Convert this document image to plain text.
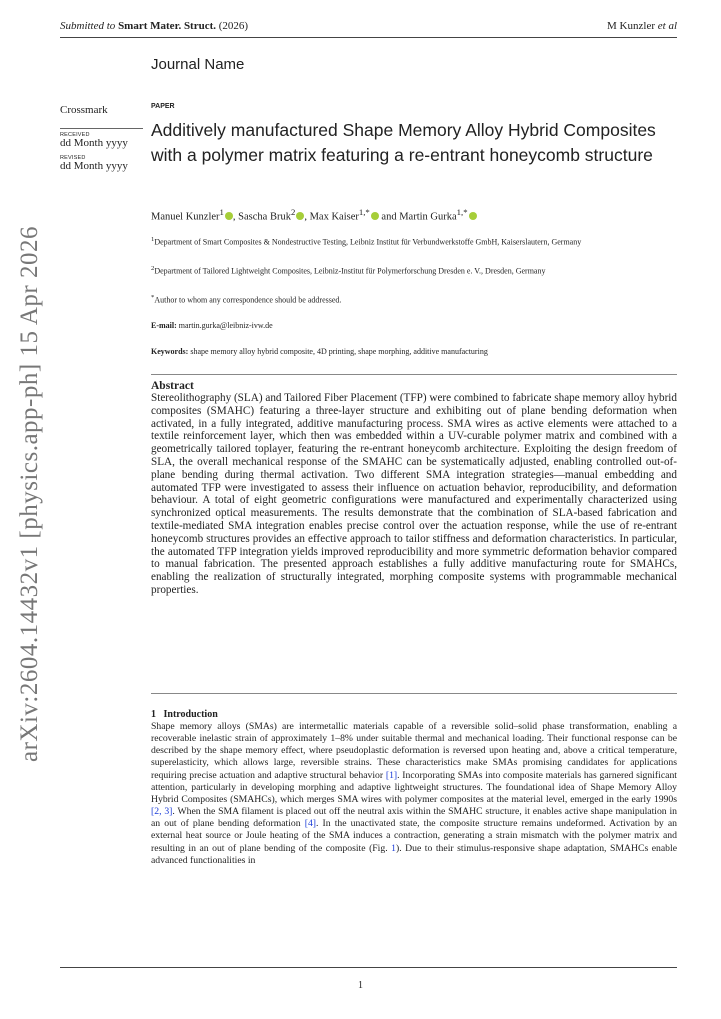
Submitted to Smart Mater. Struct. (2026)	M Kunzler et al
arXiv:2604.14432v1 [physics.app-ph] 15 Apr 2026
Journal Name
Crossmark
RECEIVED
dd Month yyyy
REVISED
dd Month yyyy
PAPER
Additively manufactured Shape Memory Alloy Hybrid Composites with a polymer matrix featuring a re-entrant honeycomb structure
Manuel Kunzler$^1$ , Sascha Bruk$^2$ , Max Kaiser$^{1,*}$ and Martin Gurka$^{1,*}$
$^1$Department of Smart Composites & Nondestructive Testing, Leibniz Institut für Verbundwerkstoffe GmbH, Kaiserslautern, Germany
$^2$Department of Tailored Lightweight Composites, Leibniz-Institut für Polymerforschung Dresden e. V., Dresden, Germany
*Author to whom any correspondence should be addressed.
E-mail: martin.gurka@leibniz-ivw.de
Keywords: shape memory alloy hybrid composite, 4D printing, shape morphing, additive manufacturing
Abstract
Stereolithography (SLA) and Tailored Fiber Placement (TFP) were combined to fabricate shape memory alloy hybrid composites (SMAHC) featuring a three-layer structure and exhibiting out of plane bending deformation when activated, in a fully integrated, additive manufacturing process. SMA wires as active elements were attached to a textile reinforcement layer, which then was embedded within a UV-curable polymer matrix and combined with a geometrically tailored toplayer, featuring the re-entrant honeycomb architecture. Exploiting the design freedom of SLA, the overall mechanical response of the SMAHC can be systematically adjusted, enabling controlled out-of-plane bending during thermal activation. Two different SMA integration strategies—manual embedding and automated TFP were investigated to assess their influence on actuation behavior, reproducibility, and deformation behaviour. A total of eight geometric configurations were manufactured and experimentally characterized using synchronized optical measurements. The results demonstrate that the combination of SLA-based fabrication and textile-mediated SMA integration enables precise control over the actuation response, while the use of re-entrant honeycomb structures provides an effective approach to tailor stiffness and deformation characteristics. In particular, the automated TFP integration yields improved reproducibility and more symmetric deformation behavior compared to manual fabrication. The presented approach establishes a fully additive manufacturing route for SMAHCs, enabling the realization of structurally integrated, morphing composite systems with programmable mechanical properties.
1 Introduction
Shape memory alloys (SMAs) are intermetallic materials capable of a reversible solid–solid phase transformation, enabling a recoverable inelastic strain of approximately 1–8% under suitable thermal and mechanical loading. Their functional response can be described by the shape memory effect, where pseudoplastic deformation is reversed upon heating and, above a critical temperature, superelasticity, which allows large, reversible strains. These characteristics make SMAs promising candidates for applications requiring precise actuation and adaptive structural behavior [1]. Incorporating SMAs into composite materials has garnered significant attention, particularly in developing morphing and adaptive lightweight structures. The foundational idea of Shape Memory Alloy Hybrid Composites (SMAHCs), which merges SMA wires with polymer composites at the material level, emerged in the early 1990s [2, 3]. When the SMA filament is placed out off the neutral axis within the SMAHC structure, it enables active shape manipulation in an out of plane bending deformation [4]. In the unactivated state, the composite structure remains undeformed. Activation by an external heat source or Joule heating of the SMA induces a contraction, generating a strain mismatch with the polymer matrix and resulting in an out of plane bending of the composite (Fig. 1). Due to their stimulus-responsive shape adaptation, SMAHCs enable advanced functionalities in
1
